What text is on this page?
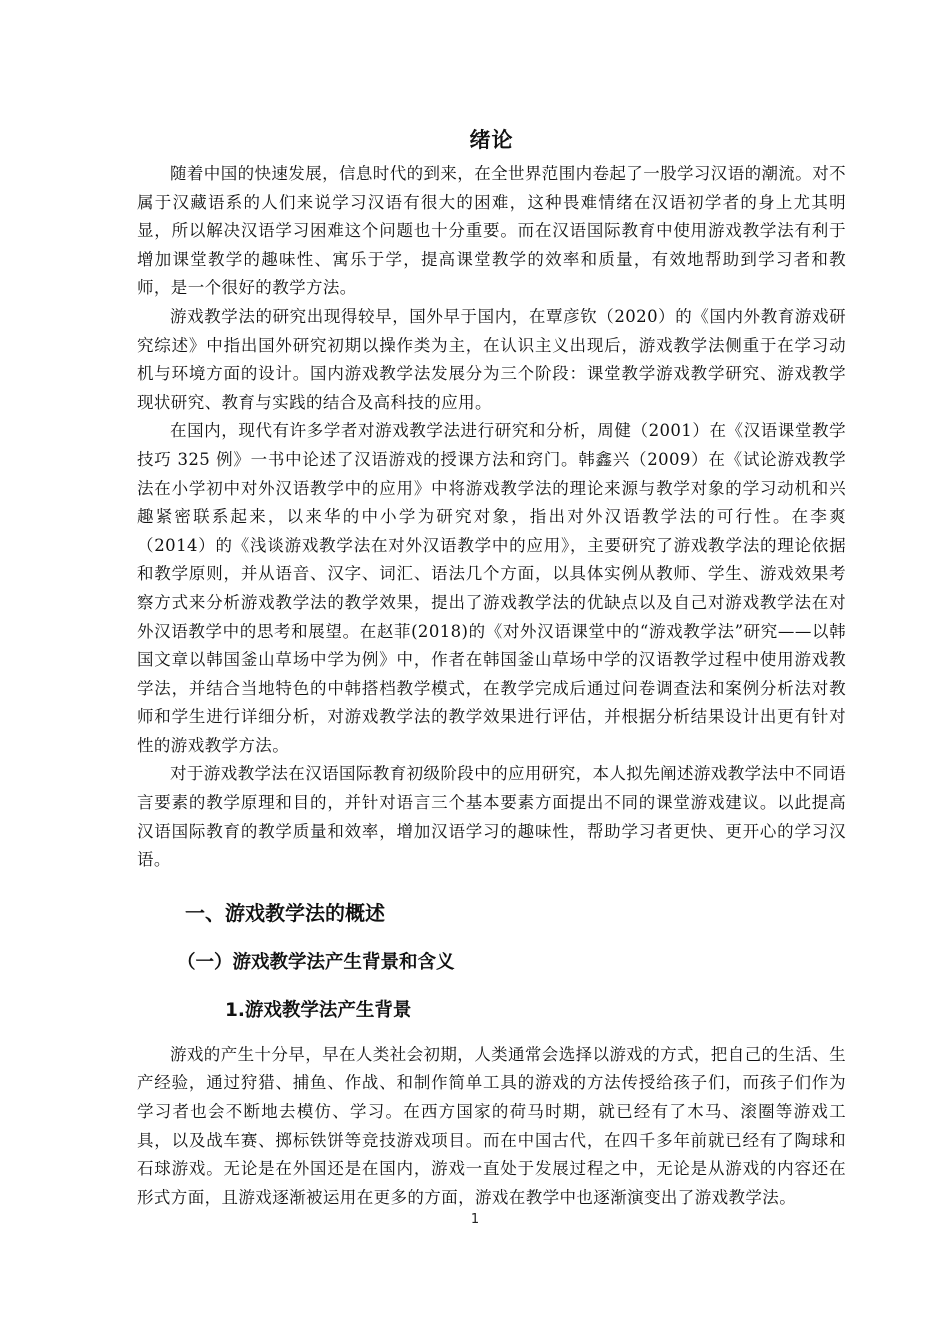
绪论

随着中国的快速发展，信息时代的到来，在全世界范围内卷起了一股学习汉语的潮流。对不属于汉藏语系的人们来说学习汉语有很大的困难，这种畏难情绪在汉语初学者的身上尤其明显，所以解决汉语学习困难这个问题也十分重要。而在汉语国际教育中使用游戏教学法有利于增加课堂教学的趣味性、寓乐于学，提高课堂教学的效率和质量，有效地帮助到学习者和教师，是一个很好的教学方法。

游戏教学法的研究出现得较早，国外早于国内，在覃彦钦（2020）的《国内外教育游戏研究综述》中指出国外研究初期以操作类为主，在认识主义出现后，游戏教学法侧重于在学习动机与环境方面的设计。国内游戏教学法发展分为三个阶段：课堂教学游戏教学研究、游戏教学现状研究、教育与实践的结合及高科技的应用。

在国内，现代有许多学者对游戏教学法进行研究和分析，周健（2001）在《汉语课堂教学技巧 325 例》一书中论述了汉语游戏的授课方法和窍门。韩鑫兴（2009）在《试论游戏教学法在小学初中对外汉语教学中的应用》中将游戏教学法的理论来源与教学对象的学习动机和兴趣紧密联系起来，以来华的中小学为研究对象，指出对外汉语教学法的可行性。在李爽（2014）的《浅谈游戏教学法在对外汉语教学中的应用》，主要研究了游戏教学法的理论依据和教学原则，并从语音、汉字、词汇、语法几个方面，以具体实例从教师、学生、游戏效果考察方式来分析游戏教学法的教学效果，提出了游戏教学法的优缺点以及自己对游戏教学法在对外汉语教学中的思考和展望。在赵菲(2018)的《对外汉语课堂中的“游戏教学法”研究——以韩国文章以韩国釜山草场中学为例》中，作者在韩国釜山草场中学的汉语教学过程中使用游戏教学法，并结合当地特色的中韩搭档教学模式，在教学完成后通过问卷调查法和案例分析法对教师和学生进行详细分析，对游戏教学法的教学效果进行评估，并根据分析结果设计出更有针对性的游戏教学方法。

对于游戏教学法在汉语国际教育初级阶段中的应用研究，本人拟先阐述游戏教学法中不同语言要素的教学原理和目的，并针对语言三个基本要素方面提出不同的课堂游戏建议。以此提高汉语国际教育的教学质量和效率，增加汉语学习的趣味性，帮助学习者更快、更开心的学习汉语。

一、游戏教学法的概述
（一）游戏教学法产生背景和含义
1.游戏教学法产生背景

游戏的产生十分早，早在人类社会初期，人类通常会选择以游戏的方式，把自己的生活、生产经验，通过狩猎、捕鱼、作战、和制作简单工具的游戏的方法传授给孩子们，而孩子们作为学习者也会不断地去模仿、学习。在西方国家的荷马时期，就已经有了木马、滚圈等游戏工具，以及战车赛、掷标铁饼等竞技游戏项目。而在中国古代，在四千多年前就已经有了陶球和石球游戏。无论是在外国还是在国内，游戏一直处于发展过程之中，无论是从游戏的内容还在形式方面，且游戏逐渐被运用在更多的方面，游戏在教学中也逐渐演变出了游戏教学法。

1
